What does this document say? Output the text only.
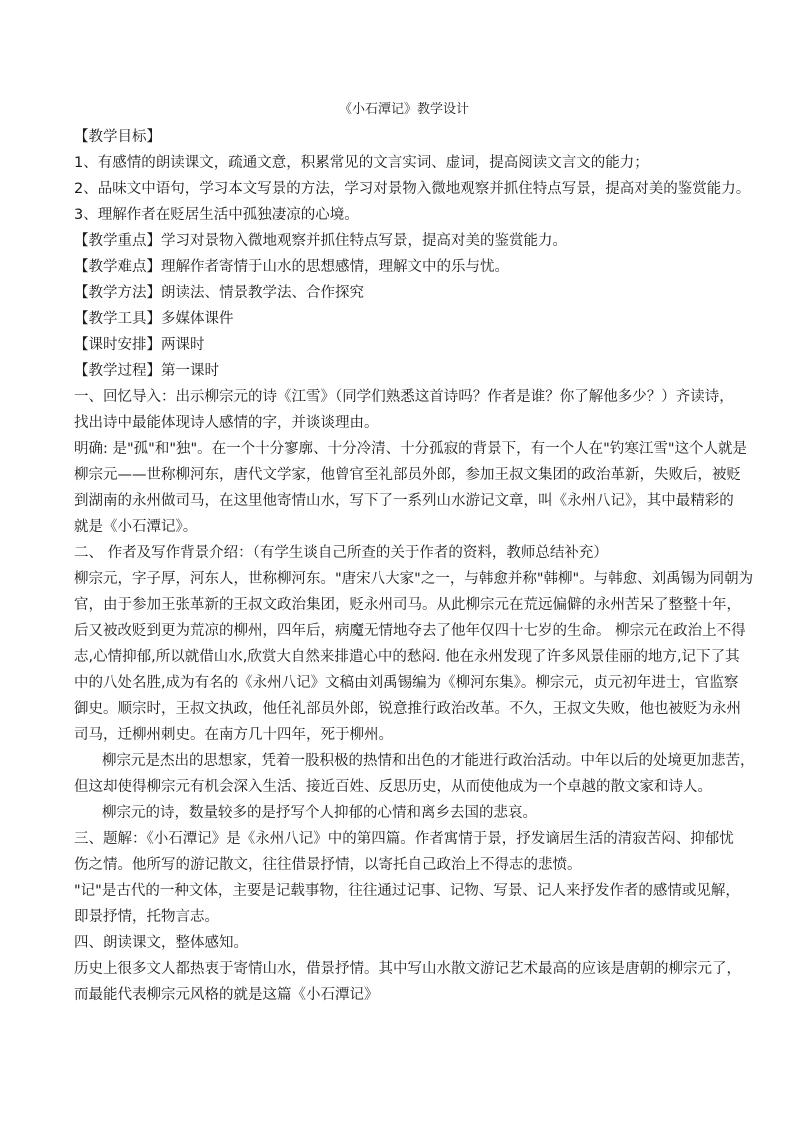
《小石潭记》教学设计

【教学目标】

1、有感情的朗读课文，疏通文意，积累常见的文言实词、虚词，提高阅读文言文的能力；

2、品味文中语句，学习本文写景的方法，学习对景物入微地观察并抓住特点写景，提高对美的鉴赏能力。

3、理解作者在贬居生活中孤独凄凉的心境。

【教学重点】学习对景物入微地观察并抓住特点写景，提高对美的鉴赏能力。

【教学难点】理解作者寄情于山水的思想感情，理解文中的乐与忧。

【教学方法】朗读法、情景教学法、合作探究

【教学工具】多媒体课件

【课时安排】两课时

【教学过程】第一课时

一、回忆导入：出示柳宗元的诗《江雪》（同学们熟悉这首诗吗？作者是谁？你了解他多少？）齐读诗，

找出诗中最能体现诗人感情的字，并谈谈理由。

明确: 是"孤"和"独"。在一个十分寥廓、十分冷清、十分孤寂的背景下，有一个人在"钓寒江雪"这个人就是

柳宗元——世称柳河东，唐代文学家，他曾官至礼部员外郎，参加王叔文集团的政治革新，失败后，被贬

到湖南的永州做司马，在这里他寄情山水，写下了一系列山水游记文章，叫《永州八记》，其中最精彩的

就是《小石潭记》。

二、 作者及写作背景介绍：（有学生谈自己所查的关于作者的资料，教师总结补充）

柳宗元，字子厚，河东人，世称柳河东。"唐宋八大家"之一，与韩愈并称"韩柳"。与韩愈、刘禹锡为同朝为

官，由于参加王张革新的王叔文政治集团，贬永州司马。从此柳宗元在荒远偏僻的永州苦呆了整整十年，

后又被改贬到更为荒凉的柳州，四年后，病魔无情地夺去了他年仅四十七岁的生命。 柳宗元在政治上不得

志,心情抑郁,所以就借山水,欣赏大自然来排遣心中的愁闷. 他在永州发现了许多风景佳丽的地方,记下了其

中的八处名胜,成为有名的《永州八记》文稿由刘禹锡编为《柳河东集》。柳宗元，贞元初年进士，官监察

御史。顺宗时，王叔文执政，他任礼部员外郎，锐意推行政治改革。不久，王叔文失败，他也被贬为永州

司马，迁柳州刺史。在南方几十四年，死于柳州。

柳宗元是杰出的思想家，凭着一股积极的热情和出色的才能进行政治活动。中年以后的处境更加悲苦，

但这却使得柳宗元有机会深入生活、接近百姓、反思历史，从而使他成为一个卓越的散文家和诗人。

柳宗元的诗，数量较多的是抒写个人抑郁的心情和离乡去国的悲哀。

三、题解：《小石潭记》是《永州八记》中的第四篇。作者寓情于景，抒发谪居生活的清寂苦闷、抑郁忧

伤之情。他所写的游记散文，往往借景抒情，以寄托自己政治上不得志的悲愤。

"记"是古代的一种文体，主要是记载事物，往往通过记事、记物、写景、记人来抒发作者的感情或见解，

即景抒情，托物言志。

四、朗读课文，整体感知。

历史上很多文人都热衷于寄情山水，借景抒情。其中写山水散文游记艺术最高的应该是唐朝的柳宗元了，

而最能代表柳宗元风格的就是这篇《小石潭记》
